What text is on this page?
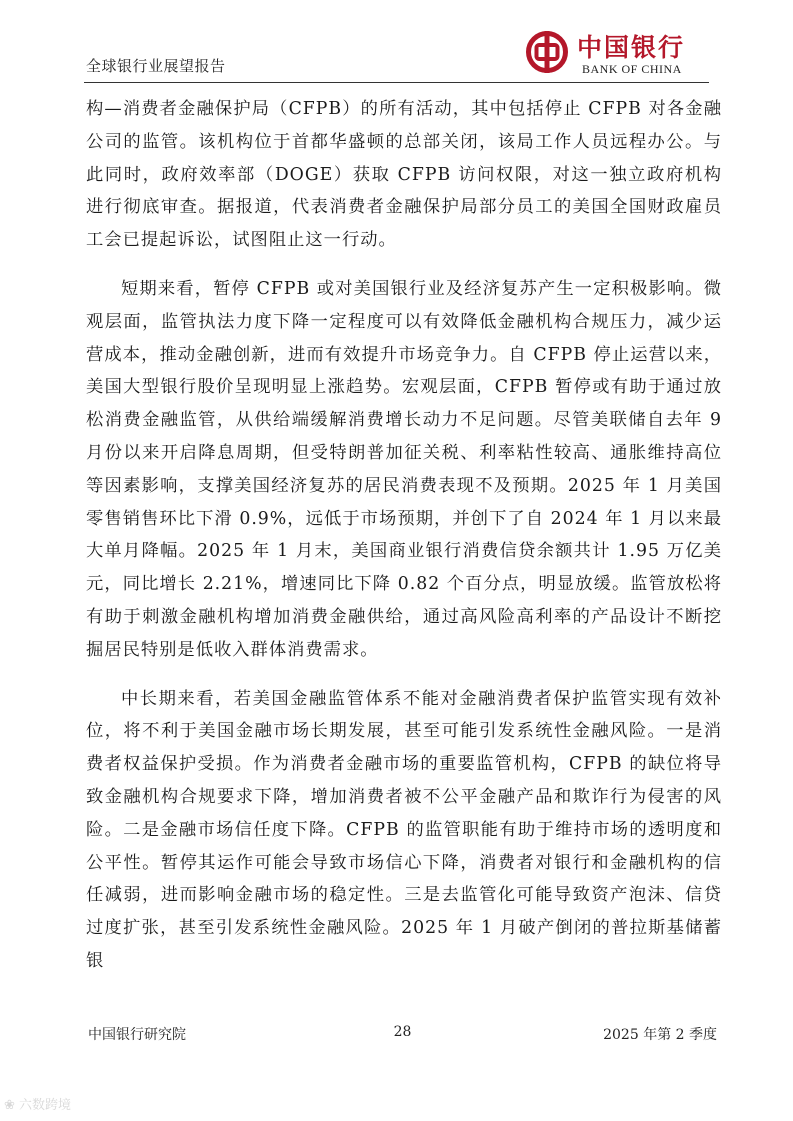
全球银行业展望报告
中国银行
BANK OF CHINA

构—消费者金融保护局（CFPB）的所有活动，其中包括停止 CFPB 对各金融公司的监管。该机构位于首都华盛顿的总部关闭，该局工作人员远程办公。与此同时，政府效率部（DOGE）获取 CFPB 访问权限，对这一独立政府机构进行彻底审查。据报道，代表消费者金融保护局部分员工的美国全国财政雇员工会已提起诉讼，试图阻止这一行动。

短期来看，暂停 CFPB 或对美国银行业及经济复苏产生一定积极影响。微观层面，监管执法力度下降一定程度可以有效降低金融机构合规压力，减少运营成本，推动金融创新，进而有效提升市场竞争力。自 CFPB 停止运营以来，美国大型银行股价呈现明显上涨趋势。宏观层面，CFPB 暂停或有助于通过放松消费金融监管，从供给端缓解消费增长动力不足问题。尽管美联储自去年 9 月份以来开启降息周期，但受特朗普加征关税、利率粘性较高、通胀维持高位等因素影响，支撑美国经济复苏的居民消费表现不及预期。2025 年 1 月美国零售销售环比下滑 0.9%，远低于市场预期，并创下了自 2024 年 1 月以来最大单月降幅。2025 年 1 月末，美国商业银行消费信贷余额共计 1.95 万亿美元，同比增长 2.21%，增速同比下降 0.82 个百分点，明显放缓。监管放松将有助于刺激金融机构增加消费金融供给，通过高风险高利率的产品设计不断挖掘居民特别是低收入群体消费需求。

中长期来看，若美国金融监管体系不能对金融消费者保护监管实现有效补位，将不利于美国金融市场长期发展，甚至可能引发系统性金融风险。一是消费者权益保护受损。作为消费者金融市场的重要监管机构，CFPB 的缺位将导致金融机构合规要求下降，增加消费者被不公平金融产品和欺诈行为侵害的风险。二是金融市场信任度下降。CFPB 的监管职能有助于维持市场的透明度和公平性。暂停其运作可能会导致市场信心下降，消费者对银行和金融机构的信任减弱，进而影响金融市场的稳定性。三是去监管化可能导致资产泡沫、信贷过度扩张，甚至引发系统性金融风险。2025 年 1 月破产倒闭的普拉斯基储蓄银

中国银行研究院	28	2025 年第 2 季度
❀ 六数跨境
